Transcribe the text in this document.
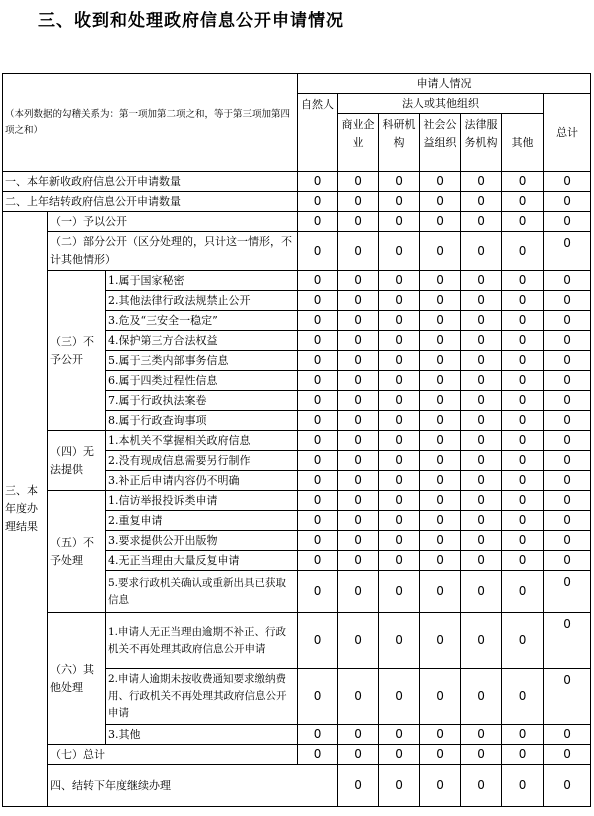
三、收到和处理政府信息公开申请情况
（本列数据的勾稽关系为：第一项加第二项之和，等于第三项加第四项之和）			申请人情况							
			自然人	法人或其他组织					总计	
				商业企业	科研机构	社会公益组织	法律服务机构	其他		
一、本年新收政府信息公开申请数量			0	0	0	0	0	0	0	
二、上年结转政府信息公开申请数量			0	0	0	0	0	0	0	
三、本年度办理结果	（一）予以公开		0	0	0	0	0	0	0	
	（二）部分公开（区分处理的，只计这一情形，不计其他情形）		0	0	0	0	0	0	0	
	（三）不予公开	1.属于国家秘密	0	0	0	0	0	0	0	
		2.其他法律行政法规禁止公开	0	0	0	0	0	0	0	
		3.危及“三安全一稳定”	0	0	0	0	0	0	0	
		4.保护第三方合法权益	0	0	0	0	0	0	0	
		5.属于三类内部事务信息	0	0	0	0	0	0	0	
		6.属于四类过程性信息	0	0	0	0	0	0	0	
		7.属于行政执法案卷	0	0	0	0	0	0	0	
		8.属于行政查询事项	0	0	0	0	0	0	0	
	（四）无法提供	1.本机关不掌握相关政府信息	0	0	0	0	0	0	0	
		2.没有现成信息需要另行制作	0	0	0	0	0	0	0	
		3.补正后申请内容仍不明确	0	0	0	0	0	0	0	
	（五）不予处理	1.信访举报投诉类申请	0	0	0	0	0	0	0	
		2.重复申请	0	0	0	0	0	0	0	
		3.要求提供公开出版物	0	0	0	0	0	0	0	
		4.无正当理由大量反复申请	0	0	0	0	0	0	0	
		5.要求行政机关确认或重新出具已获取信息	0	0	0	0	0	0	0	
	（六）其他处理	1.申请人无正当理由逾期不补正、行政机关不再处理其政府信息公开申请	0	0	0	0	0	0	0	
		2.申请人逾期未按收费通知要求缴纳费用、行政机关不再处理其政府信息公开申请	0	0	0	0	0	0	0	
		3.其他	0	0	0	0	0	0	0	
	（七）总计		0	0	0	0	0	0	0	
	四、结转下年度继续办理			0	0	0	0	0	0	
